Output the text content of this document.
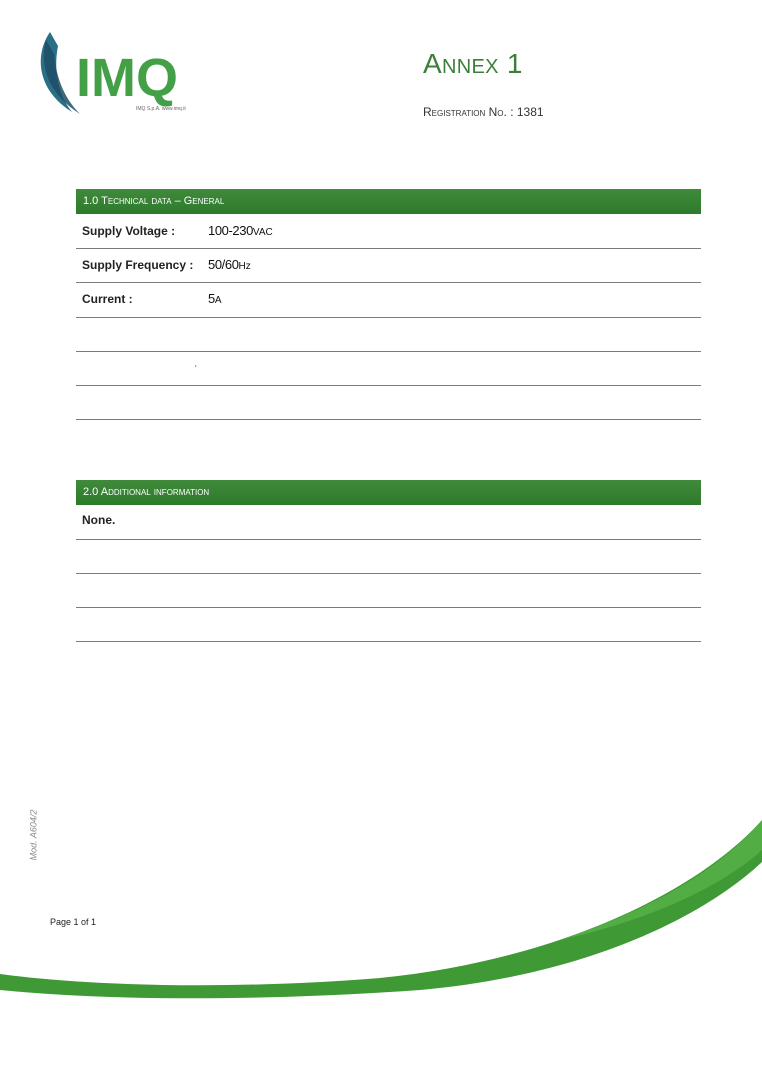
IMQ
IMQ S.p.A. www.imq.it
Annex 1
Registration No. : 1381
1.0 Technical data – General
Supply Voltage :	100-230VAC
Supply Frequency : 50/60Hz
Current :	5A
′
2.0 Additional information
None.
Mod. A604/2
Page 1 of 1
